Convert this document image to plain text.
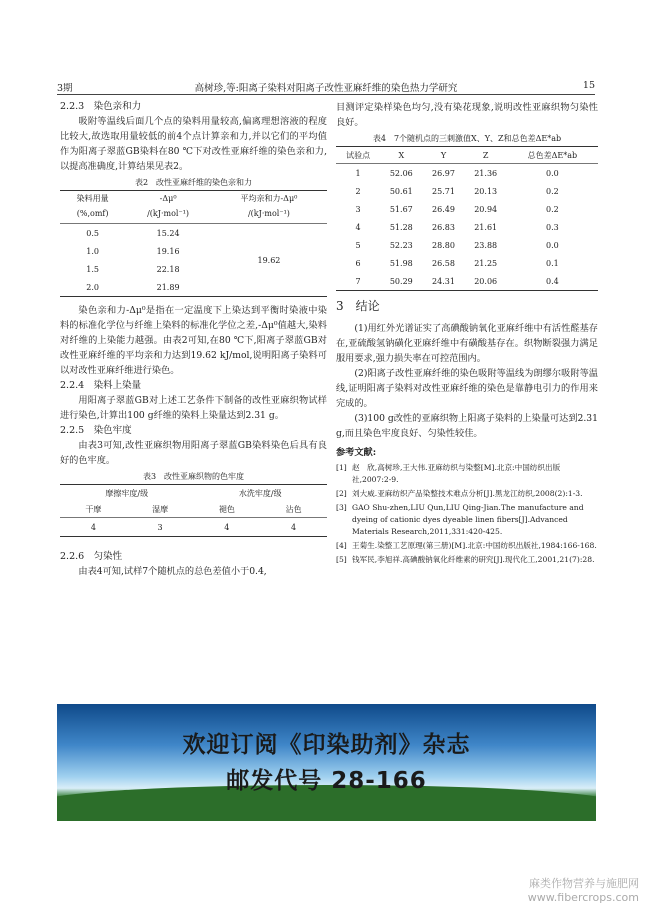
3期	高树珍,等:阳离子染料对阳离子改性亚麻纤维的染色热力学研究	15
2.2.3　染色亲和力

吸附等温线后面几个点的染料用量较高,偏离理想溶液的程度比较大,故选取用量较低的前4个点计算亲和力,并以它们的平均值作为阳离子翠蓝GB染料在80 ℃下对改性亚麻纤维的染色亲和力,以提高准确度,计算结果见表2。

表2　改性亚麻纤维的染色亲和力
染料用量
(%,omf)	-Δμ⁰
/(kJ·mol⁻¹)	平均亲和力-Δμ⁰
/(kJ·mol⁻¹)

0.5	15.24	19.62
1.0	19.16	
1.5	22.18	
2.0	21.89	

染色亲和力-Δμ⁰是指在一定温度下上染达到平衡时染液中染料的标准化学位与纤维上染料的标准化学位之差,-Δμ⁰值越大,染料对纤维的上染能力越强。由表2可知,在80 ℃下,阳离子翠蓝GB对改性亚麻纤维的平均亲和力达到19.62 kJ/mol,说明阳离子染料可以对改性亚麻纤维进行染色。

2.2.4　染料上染量

用阳离子翠蓝GB对上述工艺条件下制备的改性亚麻织物试样进行染色,计算出100 g纤维的染料上染量达到2.31 g。

2.2.5　染色牢度

由表3可知,改性亚麻织物用阳离子翠蓝GB染料染色后具有良好的色牢度。

表3　改性亚麻织物的色牢度
摩擦牢度/级		水洗牢度/级	
干摩	湿摩	褪色	沾色
4	3	4	4
2.2.6　匀染性

由表4可知,试样7个随机点的总色差值小于0.4,

目测评定染样染色均匀,没有染花现象,说明改性亚麻织物匀染性良好。

表4　7个随机点的三刺激值X、Y、Z和总色差ΔE*ab
试验点	X	Y	Z	总色差ΔE*ab
1	52.06	26.97	21.36	0.0
2	50.61	25.71	20.13	0.2
3	51.67	26.49	20.94	0.2
4	51.28	26.83	21.61	0.3
5	52.23	28.80	23.88	0.0
6	51.98	26.58	21.25	0.1
7	50.29	24.31	20.06	0.4
3　结论

(1)用红外光谱证实了高碘酸钠氧化亚麻纤维中有活性醛基存在,亚硫酸氢钠磺化亚麻纤维中有磺酸基存在。织物断裂强力满足服用要求,强力损失率在可控范围内。

(2)阳离子改性亚麻纤维的染色吸附等温线为朗缪尔吸附等温线,证明阳离子染料对改性亚麻纤维的染色是靠静电引力的作用来完成的。

(3)100 g改性的亚麻织物上阳离子染料的上染量可达到2.31 g,而且染色牢度良好、匀染性较佳。

参考文献:
[1] 赵　欣,高树珍,王大伟.亚麻纺织与染整[M].北京:中国纺织出版社,2007:2-9.
[2] 刘大威.亚麻纺织产品染整技术难点分析[J].黑龙江纺织,2008(2):1-3.
[3] GAO Shu-zhen,LIU Qun,LIU Qing-Jian.The manufacture and dyeing of cationic dyes dyeable linen fibers[J].Advanced Materials Research,2011,331:420-425.
[4] 王菊生.染整工艺原理(第三册)[M].北京:中国纺织出版社,1984:166-168.
[5] 钱军民,李旭祥.高碘酸钠氧化纤维素的研究[J].现代化工,2001,21(7):28.
欢迎订阅《印染助剂》杂志
邮发代号 28-166
麻类作物营养与施肥网
www.fibercrops.com
